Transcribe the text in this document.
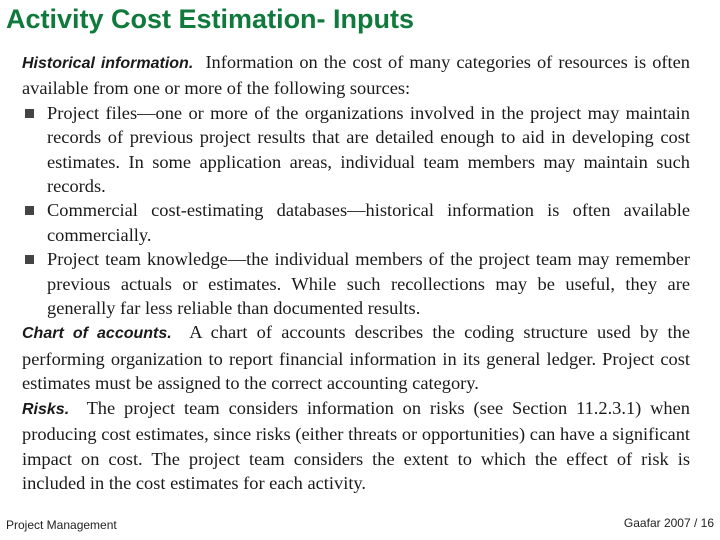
Activity Cost Estimation- Inputs
Historical information. Information on the cost of many categories of resources is often available from one or more of the following sources:
Project files—one or more of the organizations involved in the project may maintain records of previous project results that are detailed enough to aid in developing cost estimates. In some application areas, individual team members may maintain such records.
Commercial cost-estimating databases—historical information is often available commercially.
Project team knowledge—the individual members of the project team may remember previous actuals or estimates. While such recollections may be useful, they are generally far less reliable than documented results.
Chart of accounts. A chart of accounts describes the coding structure used by the performing organization to report financial information in its general ledger. Project cost estimates must be assigned to the correct accounting category.
Risks. The project team considers information on risks (see Section 11.2.3.1) when producing cost estimates, since risks (either threats or opportunities) can have a significant impact on cost. The project team considers the extent to which the effect of risk is included in the cost estimates for each activity.
Project Management	Gaafar 2007 / 16
